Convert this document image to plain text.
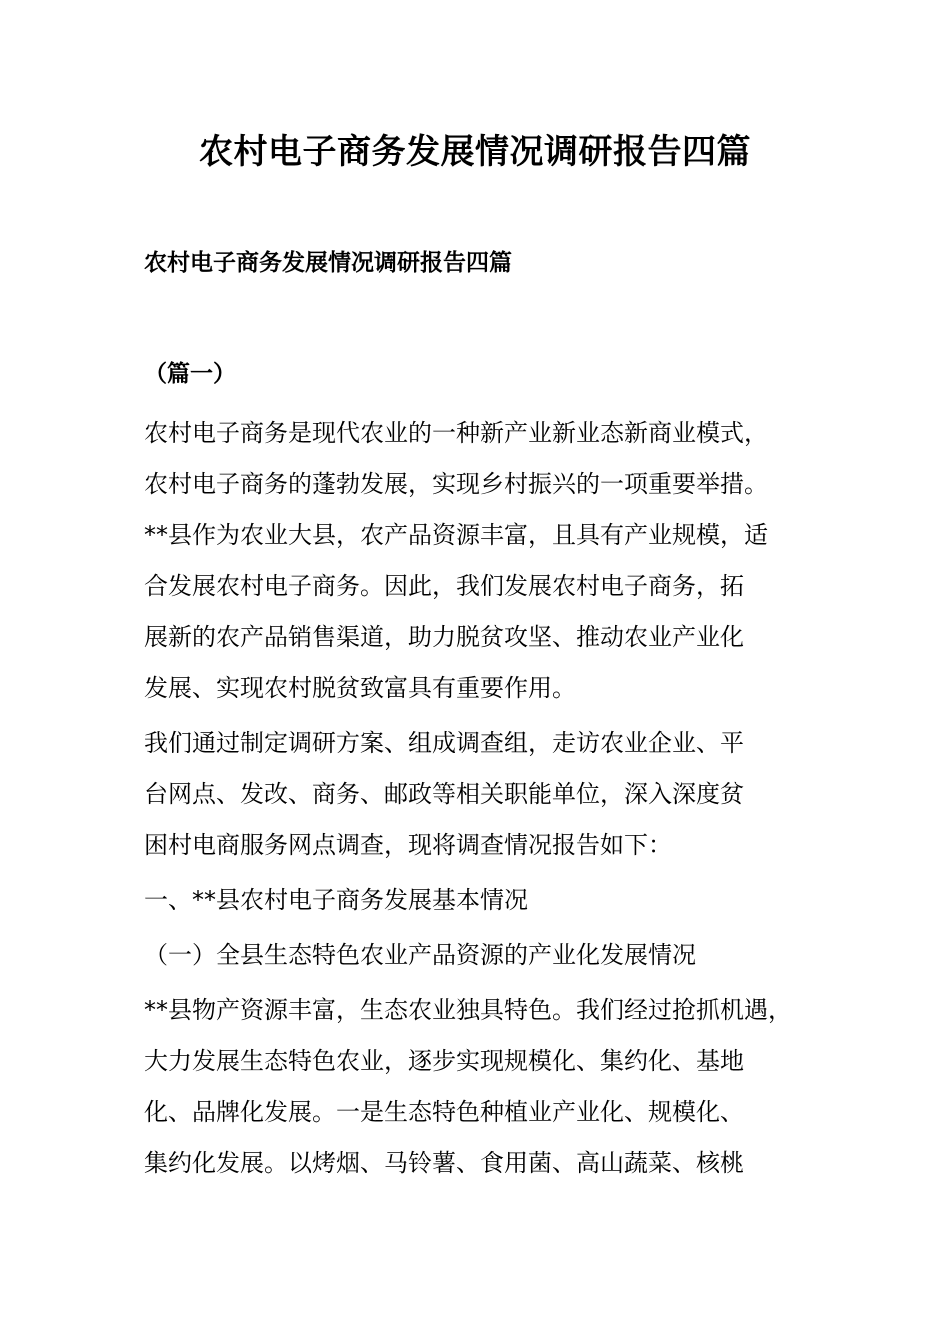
农村电子商务发展情况调研报告四篇
农村电子商务发展情况调研报告四篇
（篇一）
农村电子商务是现代农业的一种新产业新业态新商业模式，
农村电子商务的蓬勃发展，实现乡村振兴的一项重要举措。
**县作为农业大县，农产品资源丰富，且具有产业规模，适
合发展农村电子商务。因此，我们发展农村电子商务，拓
展新的农产品销售渠道，助力脱贫攻坚、推动农业产业化
发展、实现农村脱贫致富具有重要作用。
我们通过制定调研方案、组成调查组，走访农业企业、平
台网点、发改、商务、邮政等相关职能单位，深入深度贫
困村电商服务网点调查，现将调查情况报告如下：
一、**县农村电子商务发展基本情况
（一）全县生态特色农业产品资源的产业化发展情况
**县物产资源丰富，生态农业独具特色。我们经过抢抓机遇，
大力发展生态特色农业，逐步实现规模化、集约化、基地
化、品牌化发展。一是生态特色种植业产业化、规模化、
集约化发展。以烤烟、马铃薯、食用菌、高山蔬菜、核桃
